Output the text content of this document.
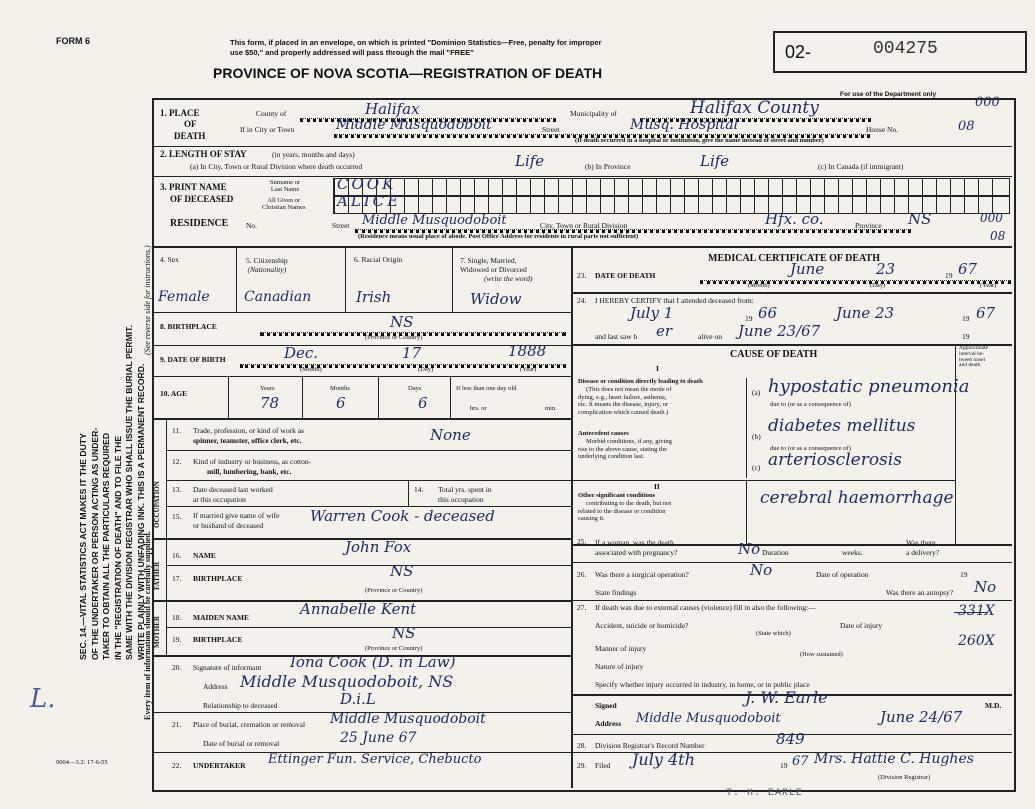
FORM 6	This form, if placed in an envelope, on which is printed "Dominion Statistics—Free, penalty for improper
use $50," and properly addressed will pass through the mail "FREE"
PROVINCE OF NOVA SCOTIA—REGISTRATION OF DEATH
02-	004275
For use of the Department only
SEC. 14.—VITAL STATISTICS ACT MAKES IT THE DUTY OF THE UNDERTAKER OR PERSON ACTING AS UNDER- TAKER TO OBTAIN ALL THE PARTICULARS REQUIRED IN THE "REGISTRATION OF DEATH" AND TO FILE THE SAME WITH THE DIVISION REGISTRAR WHO SHALL ISSUE THE BURIAL PERMIT. WRITE PLAINLY WITH UNFADING INK. THIS IS A PERMANENT RECORD.
(See reverse side for instructions.)
Every item of information should be carefully supplied.
L.
9004—3.2: 17-6-55
1. PLACE
OF
DEATH
County of	Halifax	Municipality of	Halifax County	000
If in City or Town	Middle Musquodoboit	Street	Musq. Hospital	House No.	08
(If death occurred in a hospital or institution, give the name instead of street and number)
2. LENGTH OF STAY	(in years, months and days)
(a) In City, Town or Rural Division where death occurred	Life	(b) In Province	Life	(c) In Canada (if immigrant)
3. PRINT NAME
OF DECEASED
Surname or
Last Name
All Given or
Christian Names
COOK
ALICE
RESIDENCE No.	Street Middle Musquodoboit	City, Town or Rural Division	Hfx. co.	Province NS	000
08
(Residence means usual place of abode. Post Office Address for residents in rural parts not sufficient)
4. Sex	5. Citizenship
(Nationality)
6. Racial Origin	7. Single, Married,
Widowed or Divorced
(write the word)
Female Canadian	Irish	Widow
8. BIRTHPLACE	NS
(Province or Country)
9. DATE OF BIRTH	Dec.	17	1888
(Month)	(Day)	(Year)
10. AGE
Years	Months	Days	If less than one day old
hrs. or	min.
78	6	6
OCCUPATION
11. Trade, profession, or kind of work as
spinner, teamster, office clerk, etc.	None
12. Kind of industry or business, as cotton-
mill, lumbering, bank, etc.
13. Date deceased last worked
at this occupation
14. Total yrs. spent in
this occupation
15. If married give name of wife
or husband of deceased
Warren Cook - deceased
FATHER
16. NAME	John Fox
17. BIRTHPLACE	NS
(Province or Country)
MOTHER 18. MAIDEN NAME	Annabelle Kent
19. BIRTHPLACE	NS
(Province or Country)
20. Signature of informant Iona Cook (D. in Law)
Address Middle Musquodoboit, NS
Relationship to deceased	D.i.L
21. Place of burial, cremation or removal Middle Musquodoboit
Date of burial or removal	25 June 67
22. UNDERTAKER Ettinger Fun. Service, Chebucto
MEDICAL CERTIFICATE OF DEATH
23. DATE OF DEATH	June	23	19 67
(Month)	(Day)	(Year)
24. I HEREBY CERTIFY that I attended deceased from:
July 1	19 66	June 23	19 67
and last saw h er	alive on June 23/67	19
CAUSE OF DEATH
Approximate
interval be-
tween onset
and death
I
Disease or condition directly leading to death
(This does not mean the mode of
dying, e.g., heart failure, asthenia,
etc. It means the disease, injury, or
complication which caused death.)
(a) hypostatic pneumonia
due to (or as a consequence of)
Antecedent causes
Morbid conditions, if any, giving
rise to the above cause, stating the
underlying condition last.
(b)
diabetes mellitus
due to (or as a consequence of)
(c) arteriosclerosis
II
Other significant conditions
contributing to the death, but not
related to the disease or condition
causing it.
cerebral haemorrhage
25. If a woman, was the death
associated with pregnancy?	No Duration	weeks.
Was there
a delivery?
26. Was there a surgical operation?	No	Date of operation	19
State findings	Was there an autopsy? No
27. If death was due to external causes (violence) fill in also the following:—	331X
Accident, suicide or homicide?
(State which)
Date of injury
260X
Manner of injury
(How sustained)
Nature of injury
Specify whether injury occurred in industry, in home, or in public place
Signed	J. W. Earle	M.D.
Address Middle Musquodoboit	June 24/67
28. Division Registrar's Record Number	849
29. Filed July 4th	19 67 Mrs. Hattie C. Hughes
(Division Registrar)
T. H. EARLE
